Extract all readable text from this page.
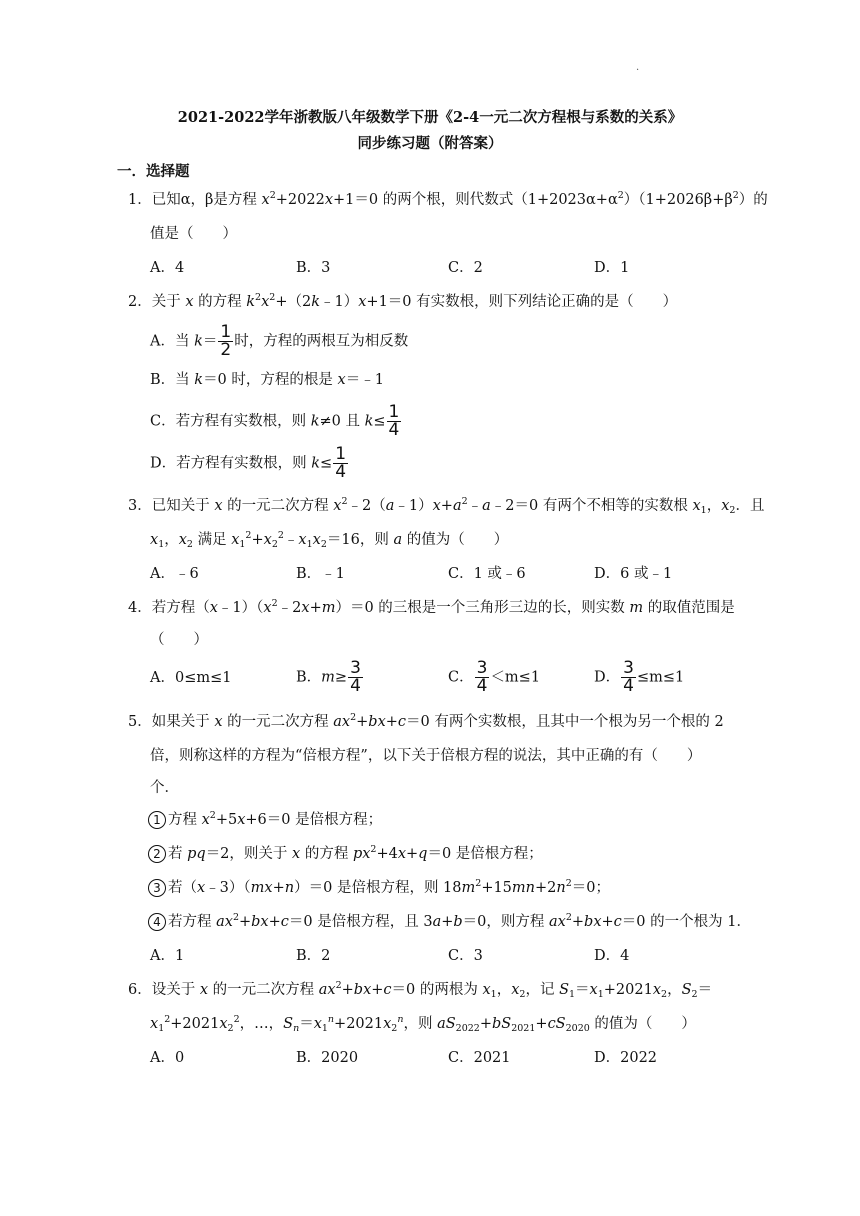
.
2021-2022学年浙教版八年级数学下册《2-4一元二次方程根与系数的关系》
同步练习题（附答案）
一．选择题
1．已知α，β是方程 $x^2+2022x+1=0$ 的两个根，则代数式$(1+2023\alpha+\alpha^2)(1+2026\beta+\beta^2)$的
值是（　　）
A．4	B．3	C．2	D．1
2．关于 x 的方程 $k^2x^2+(2k﹣1)x+1=0$ 有实数根，则下列结论正确的是（　　）
A．当 $k= \frac{1}{2}$ 时，方程的两根互为相反数
B．当 k＝0 时，方程的根是 x＝﹣1
C．若方程有实数根，则 k≠0 且 $k\le \frac{1}{4}$
D．若方程有实数根，则 $k\le \frac{1}{4}$
3．已知关于 x 的一元二次方程 $x^2﹣2(a﹣1)x+a^2﹣a﹣2=0$ 有两个不相等的实数根 $x_1$，$x_2$．且
$x_1$，$x_2$ 满足 $x_1^2+x_2^2﹣x_1x_2=16$，则 a 的值为（　　）
A．﹣6	B．﹣1	C．1 或﹣6	D．6 或﹣1
4．若方程$(x﹣1)(x^2﹣2x+m)=0$ 的三根是一个三角形三边的长，则实数 m 的取值范围是
（　　）
A．0≤m≤1	B．$m\ge \frac{3}{4}$	C． $\frac{3}{4} <m\le 1$	D． $\frac{3}{4} \le m\le 1$
5．如果关于 x 的一元二次方程 $ax^2+bx+c=0$ 有两个实数根，且其中一个根为另一个根的 2
倍，则称这样的方程为“倍根方程”，以下关于倍根方程的说法，其中正确的有（　　）
个．
1 方程 $x^2+5x+6=0$ 是倍根方程；
2 若 pq＝2，则关于 x 的方程 $px^2+4x+q=0$ 是倍根方程；
3 若（x﹣3）（mx+n）＝0 是倍根方程，则 $18m^2+15mn+2n^2=0$；
4 若方程 $ax^2+bx+c=0$ 是倍根方程，且 3a+b＝0，则方程 $ax^2+bx+c=0$ 的一个根为 1．
A．1	B．2	C．3	D．4
6．设关于 x 的一元二次方程 $ax^2+bx+c=0$ 的两根为 $x_1$，$x_2$，记 $S_1=x_1+2021x_2$，$S_2=$
$x_1^2+2021x_2^2$，…，$S_n=x_1^n+2021x_2^n$，则 $aS_{2022}+bS_{2021}+cS_{2020}$ 的值为（　　）
A．0	B．2020	C．2021	D．2022
